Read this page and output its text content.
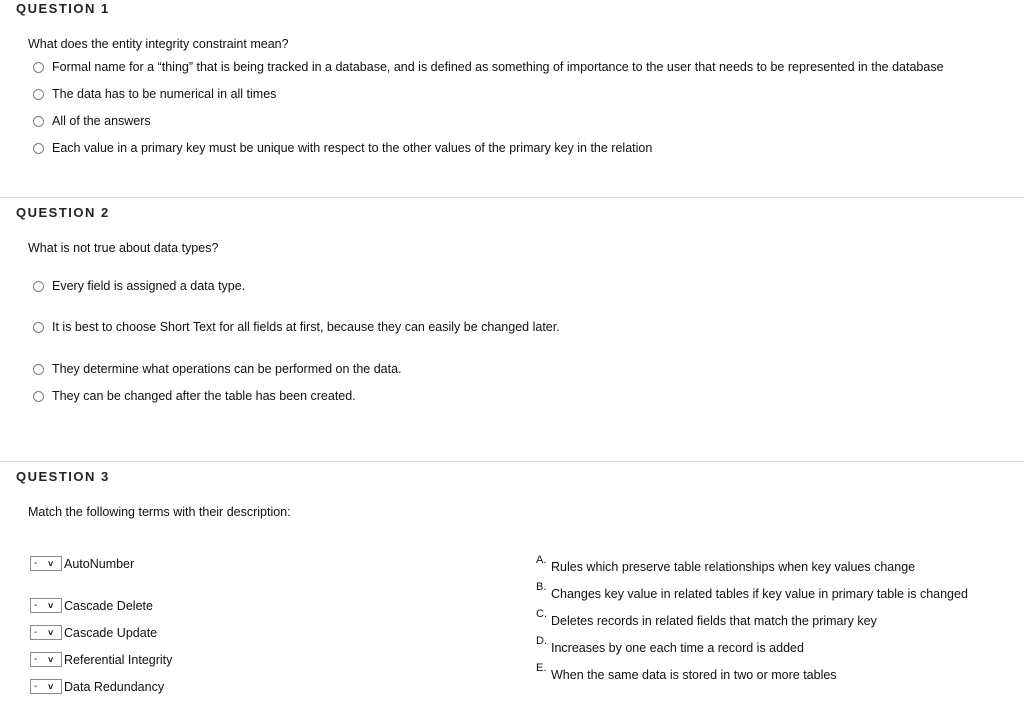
QUESTION 1
What does the entity integrity constraint mean?
Formal name for a “thing” that is being tracked in a database, and is defined as something of importance to the user that needs to be represented in the database
The data has to be numerical in all times
All of the answers
Each value in a primary key must be unique with respect to the other values of the primary key in the relation
QUESTION 2
What is not true about data types?
Every field is assigned a data type.
It is best to choose Short Text for all fields at first, because they can easily be changed later.
They determine what operations can be performed on the data.
They can be changed after the table has been created.
QUESTION 3
Match the following terms with their description:
-	˅ AutoNumber
-	˅ Cascade Delete
-	˅ Cascade Update
-	˅ Referential Integrity
-	˅ Data Redundancy
A. Rules which preserve table relationships when key values change
B. Changes key value in related tables if key value in primary table is changed
C. Deletes records in related fields that match the primary key
D. Increases by one each time a record is added
E. When the same data is stored in two or more tables
